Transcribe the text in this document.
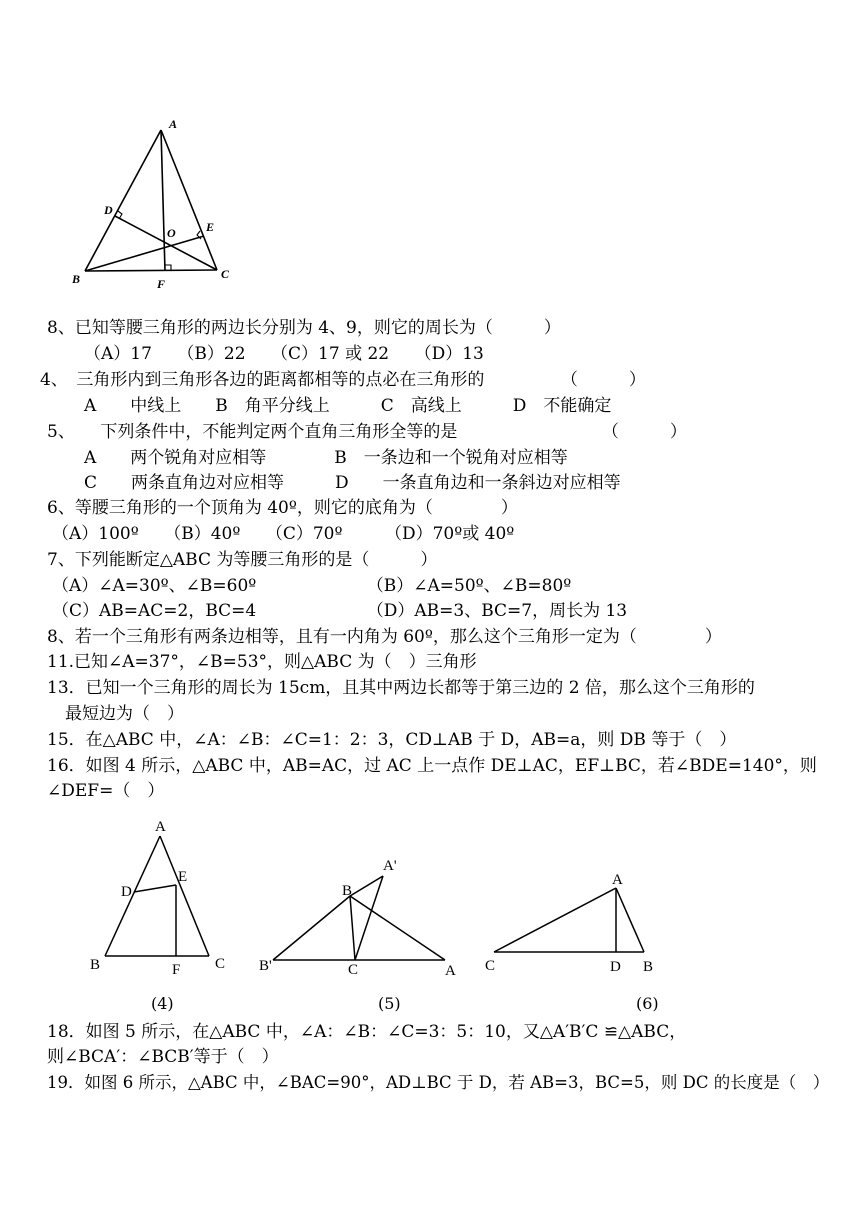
A
B	C
D
E
F
O
8、已知等腰三角形的两边长分别为 4、9，则它的周长为（　　　）
（A）17　　（B）22　　（C）17 或 22　　（D）13
4、　三角形内到三角形各边的距离都相等的点必在三角形的　　　　　（　　　）
A　　中线上　　B　角平分线上　　　C　高线上　　　D　不能确定
5、　　下列条件中，不能判定两个直角三角形全等的是　　　　　　　　　（　　　）
A　　两个锐角对应相等　　　　B　一条边和一个锐角对应相等
C　　两条直角边对应相等　　　D　　一条直角边和一条斜边对应相等
6、等腰三角形的一个顶角为 40º，则它的底角为（　　　　）
（A）100º　　（B）40º　　（C）70º　　　（D）70º或 40º
7、下列能断定△ABC 为等腰三角形的是（　　　）
（A）∠A=30º、∠B=60º　　　　　　　（B）∠A=50º、∠B=80º
（C）AB=AC=2，BC=4　　　　　　　（D）AB=3、BC=7，周长为 13
8、若一个三角形有两条边相等，且有一内角为 60º，那么这个三角形一定为（　　　　）
11.已知∠A=37°，∠B=53°，则△ABC 为（　）三角形
13．已知一个三角形的周长为 15cm，且其中两边长都等于第三边的 2 倍，那么这个三角形的
最短边为（　）
15．在△ABC 中，∠A：∠B：∠C=1：2：3，CD⊥AB 于 D，AB=a，则 DB 等于（　）
16．如图 4 所示，△ABC 中，AB=AC，过 AC 上一点作 DE⊥AC，EF⊥BC，若∠BDE=140°，则
∠DEF=（　）
A
B	C
D
E
F
(4)
A'
B
B'	C	A
(5)
A
C	D B
(6)
18．如图 5 所示，在△ABC 中，∠A：∠B：∠C=3：5：10，又△A′B′C ≌△ABC，
则∠BCA′：∠BCB′等于（　）
19．如图 6 所示，△ABC 中，∠BAC=90°，AD⊥BC 于 D，若 AB=3，BC=5，则 DC 的长度是（　）
